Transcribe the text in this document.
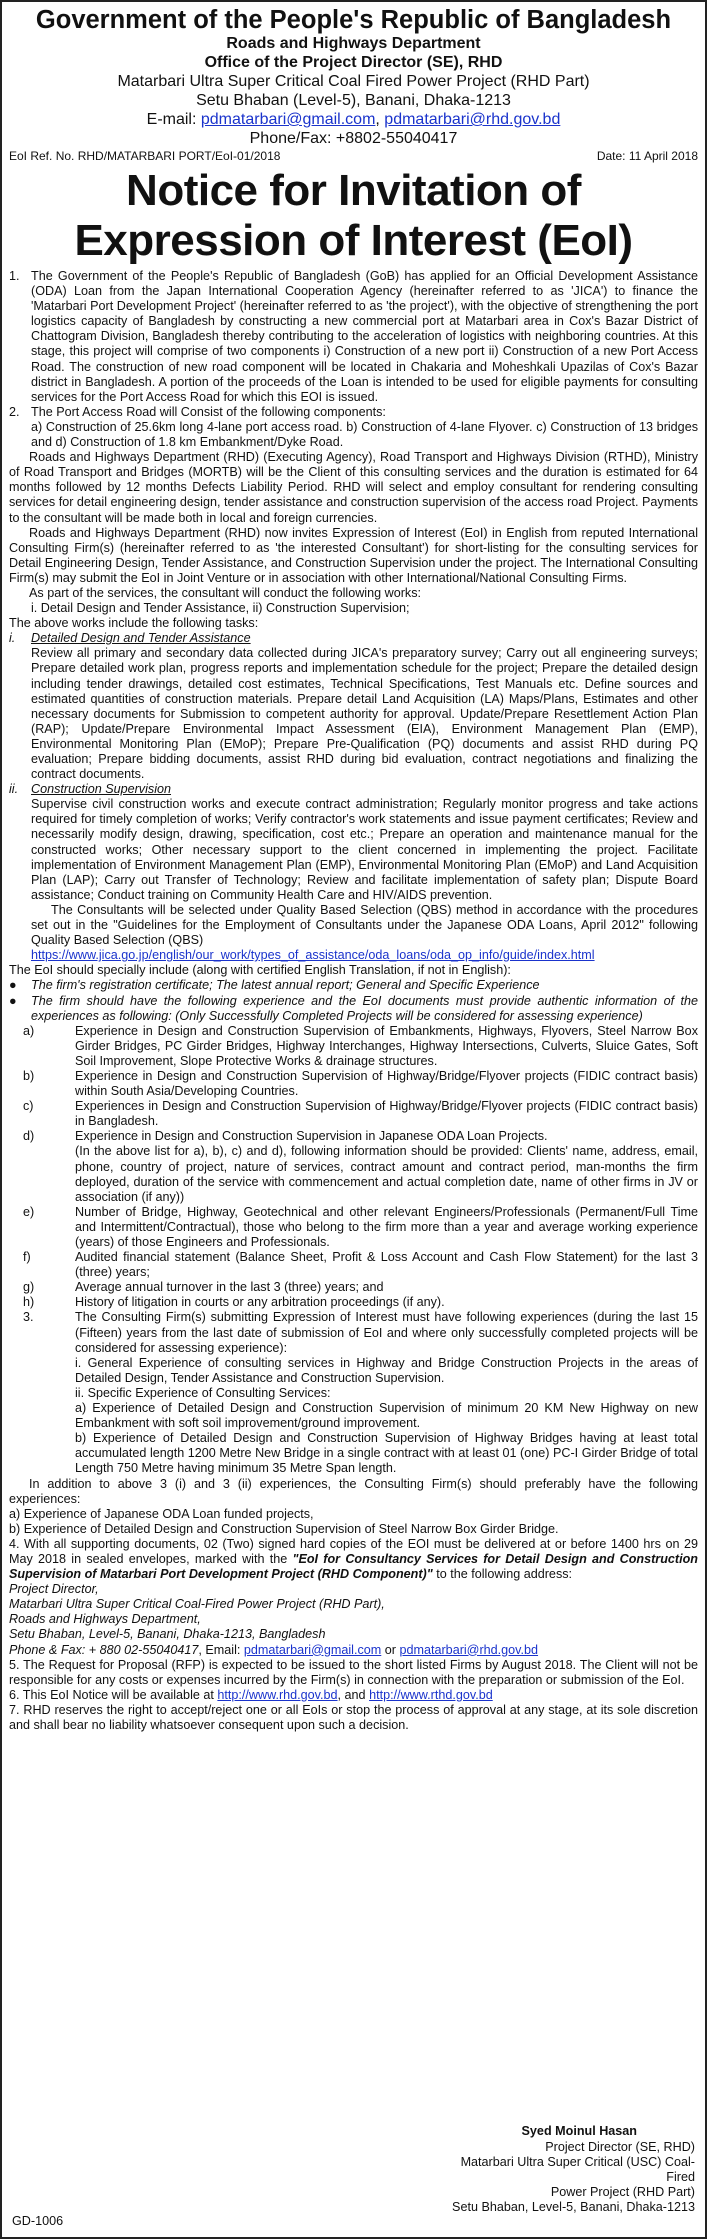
Government of the People's Republic of Bangladesh
Roads and Highways Department
Office of the Project Director (SE), RHD
Matarbari Ultra Super Critical Coal Fired Power Project (RHD Part)
Setu Bhaban (Level-5), Banani, Dhaka-1213
E-mail: pdmatarbari@gmail.com, pdmatarbari@rhd.gov.bd
Phone/Fax: +8802-55040417
EoI Ref. No. RHD/MATARBARI PORT/EoI-01/2018	Date: 11 April 2018
Notice for Invitation of Expression of Interest (EoI)
1. The Government of the People's Republic of Bangladesh (GoB) has applied for an Official Development Assistance (ODA) Loan from the Japan International Cooperation Agency (hereinafter referred to as 'JICA') to finance the 'Matarbari Port Development Project' (hereinafter referred to as 'the project'), with the objective of strengthening the port logistics capacity of Bangladesh by constructing a new commercial port at Matarbari area in Cox's Bazar District of Chattogram Division, Bangladesh thereby contributing to the acceleration of logistics with neighboring countries. At this stage, this project will comprise of two components i) Construction of a new port ii) Construction of a new Port Access Road. The construction of new road component will be located in Chakaria and Moheshkali Upazilas of Cox's Bazar district in Bangladesh. A portion of the proceeds of the Loan is intended to be used for eligible payments for consulting services for the Port Access Road for which this EOI is issued.
2. The Port Access Road will Consist of the following components:
a) Construction of 25.6km long 4-lane port access road. b) Construction of 4-lane Flyover. c) Construction of 13 bridges and d) Construction of 1.8 km Embankment/Dyke Road.
Roads and Highways Department (RHD) (Executing Agency), Road Transport and Highways Division (RTHD), Ministry of Road Transport and Bridges (MORTB) will be the Client of this consulting services and the duration is estimated for 64 months followed by 12 months Defects Liability Period. RHD will select and employ consultant for rendering consulting services for detail engineering design, tender assistance and construction supervision of the access road Project. Payments to the consultant will be made both in local and foreign currencies.
Roads and Highways Department (RHD) now invites Expression of Interest (EoI) in English from reputed International Consulting Firm(s) (hereinafter referred to as 'the interested Consultant') for short-listing for the consulting services for Detail Engineering Design, Tender Assistance, and Construction Supervision under the project. The International Consulting Firm(s) may submit the EoI in Joint Venture or in association with other International/National Consulting Firms.
As part of the services, the consultant will conduct the following works:
i. Detail Design and Tender Assistance, ii) Construction Supervision;
The above works include the following tasks:
i.	Detailed Design and Tender Assistance
Review all primary and secondary data collected during JICA's preparatory survey; Carry out all engineering surveys; Prepare detailed work plan, progress reports and implementation schedule for the project; Prepare the detailed design including tender drawings, detailed cost estimates, Technical Specifications, Test Manuals etc. Define sources and estimated quantities of construction materials. Prepare detail Land Acquisition (LA) Maps/Plans, Estimates and other necessary documents for Submission to competent authority for approval. Update/Prepare Resettlement Action Plan (RAP); Update/Prepare Environmental Impact Assessment (EIA), Environment Management Plan (EMP), Environmental Monitoring Plan (EMoP); Prepare Pre-Qualification (PQ) documents and assist RHD during PQ evaluation; Prepare bidding documents, assist RHD during bid evaluation, contract negotiations and finalizing the contract documents.
ii.	Construction Supervision
Supervise civil construction works and execute contract administration; Regularly monitor progress and take actions required for timely completion of works; Verify contractor's work statements and issue payment certificates; Review and necessarily modify design, drawing, specification, cost etc.; Prepare an operation and maintenance manual for the constructed works; Other necessary support to the client concerned in implementing the project. Facilitate implementation of Environment Management Plan (EMP), Environmental Monitoring Plan (EMoP) and Land Acquisition Plan (LAP); Carry out Transfer of Technology; Review and facilitate implementation of safety plan; Dispute Board assistance; Conduct training on Community Health Care and HIV/AIDS prevention.
The Consultants will be selected under Quality Based Selection (QBS) method in accordance with the procedures set out in the "Guidelines for the Employment of Consultants under the Japanese ODA Loans, April 2012" following Quality Based Selection (QBS)
https://www.jica.go.jp/english/our_work/types_of_assistance/oda_loans/oda_op_info/guide/index.html
The EoI should specially include (along with certified English Translation, if not in English):
●	The firm's registration certificate; The latest annual report; General and Specific Experience
●	The firm should have the following experience and the EoI documents must provide authentic information of the experiences as following: (Only Successfully Completed Projects will be considered for assessing experience)
a)	Experience in Design and Construction Supervision of Embankments, Highways, Flyovers, Steel Narrow Box Girder Bridges, PC Girder Bridges, Highway Interchanges, Highway Intersections, Culverts, Sluice Gates, Soft Soil Improvement, Slope Protective Works & drainage structures.
b)	Experience in Design and Construction Supervision of Highway/Bridge/Flyover projects (FIDIC contract basis) within South Asia/Developing Countries.
c)	Experiences in Design and Construction Supervision of Highway/Bridge/Flyover projects (FIDIC contract basis) in Bangladesh.
d)	Experience in Design and Construction Supervision in Japanese ODA Loan Projects.
(In the above list for a), b), c) and d), following information should be provided: Clients' name, address, email, phone, country of project, nature of services, contract amount and contract period, man-months the firm deployed, duration of the service with commencement and actual completion date, name of other firms in JV or association (if any))
e)	Number of Bridge, Highway, Geotechnical and other relevant Engineers/Professionals (Permanent/Full Time and Intermittent/Contractual), those who belong to the firm more than a year and average working experience (years) of those Engineers and Professionals.
f)	Audited financial statement (Balance Sheet, Profit & Loss Account and Cash Flow Statement) for the last 3 (three) years;
g)	Average annual turnover in the last 3 (three) years; and
h)	History of litigation in courts or any arbitration proceedings (if any).
3.	The Consulting Firm(s) submitting Expression of Interest must have following experiences (during the last 15 (Fifteen) years from the last date of submission of EoI and where only successfully completed projects will be considered for assessing experience):
i. General Experience of consulting services in Highway and Bridge Construction Projects in the areas of Detailed Design, Tender Assistance and Construction Supervision.
ii. Specific Experience of Consulting Services:
a) Experience of Detailed Design and Construction Supervision of minimum 20 KM New Highway on new Embankment with soft soil improvement/ground improvement.
b) Experience of Detailed Design and Construction Supervision of Highway Bridges having at least total accumulated length 1200 Metre New Bridge in a single contract with at least 01 (one) PC-I Girder Bridge of total Length 750 Metre having minimum 35 Metre Span length.
In addition to above 3 (i) and 3 (ii) experiences, the Consulting Firm(s) should preferably have the following experiences:
a) Experience of Japanese ODA Loan funded projects,
b) Experience of Detailed Design and Construction Supervision of Steel Narrow Box Girder Bridge.
4. With all supporting documents, 02 (Two) signed hard copies of the EOI must be delivered at or before 1400 hrs on 29 May 2018 in sealed envelopes, marked with the "EoI for Consultancy Services for Detail Design and Construction Supervision of Matarbari Port Development Project (RHD Component)" to the following address:
Project Director,
Matarbari Ultra Super Critical Coal-Fired Power Project (RHD Part),
Roads and Highways Department,
Setu Bhaban, Level-5, Banani, Dhaka-1213, Bangladesh
Phone & Fax: + 880 02-55040417, Email: pdmatarbari@gmail.com or pdmatarbari@rhd.gov.bd
5. The Request for Proposal (RFP) is expected to be issued to the short listed Firms by August 2018. The Client will not be responsible for any costs or expenses incurred by the Firm(s) in connection with the preparation or submission of the EoI.
6. This EoI Notice will be available at http://www.rhd.gov.bd, and http://www.rthd.gov.bd
7. RHD reserves the right to accept/reject one or all EoIs or stop the process of approval at any stage, at its sole discretion and shall bear no liability whatsoever consequent upon such a decision.
Syed Moinul Hasan
Project Director (SE, RHD)
Matarbari Ultra Super Critical (USC) Coal-Fired
Power Project (RHD Part)
Setu Bhaban, Level-5, Banani, Dhaka-1213
GD-1006
